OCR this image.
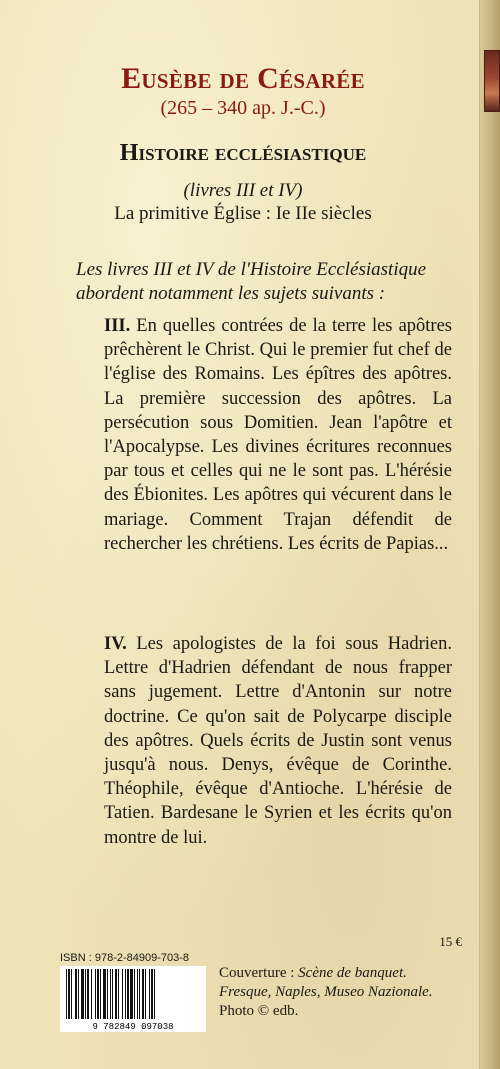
Eusèbe de Césarée
(265 – 340 ap. J.-C.)
Histoire ecclésiastique
(livres III et IV)
La primitive Église : Ie IIe siècles
Les livres III et IV de l'Histoire Ecclésiastique abordent notamment les sujets suivants :
III. En quelles contrées de la terre les apôtres prêchèrent le Christ. Qui le premier fut chef de l'église des Romains. Les épîtres des apôtres. La première succession des apôtres. La persécution sous Domitien. Jean l'apôtre et l'Apocalypse. Les divines écritures reconnues par tous et celles qui ne le sont pas. L'hérésie des Ébionites. Les apôtres qui vécurent dans le mariage. Comment Trajan défendit de rechercher les chrétiens. Les écrits de Papias...
IV. Les apologistes de la foi sous Hadrien. Lettre d'Hadrien défendant de nous frapper sans jugement. Lettre d'Antonin sur notre doctrine. Ce qu'on sait de Polycarpe disciple des apôtres. Quels écrits de Justin sont venus jusqu'à nous. Denys, évêque de Corinthe. Théophile, évêque d'Antioche. L'hérésie de Tatien. Bardesane le Syrien et les écrits qu'on montre de lui.
15 €
ISBN : 978-2-84909-703-8
9 782849 097038
Couverture : Scène de banquet.
Fresque, Naples, Museo Nazionale.
Photo © edb.
